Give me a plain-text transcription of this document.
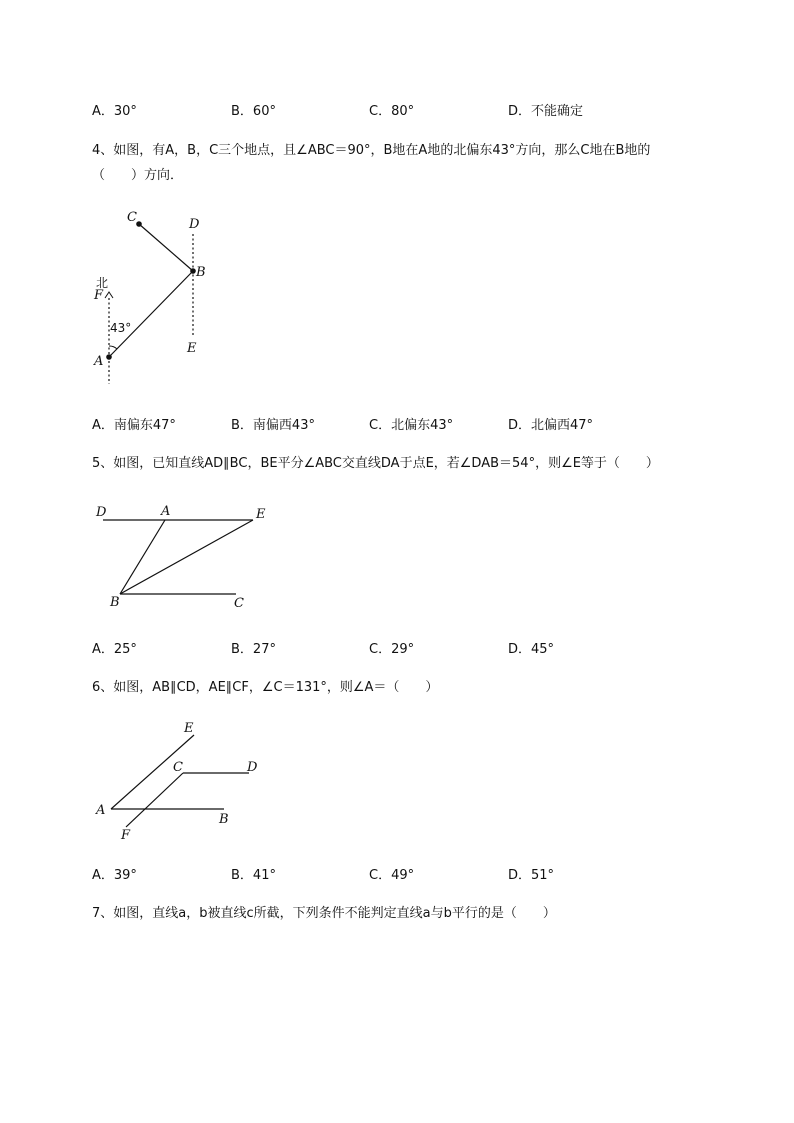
A．30°	B．60°	C．80°	D．不能确定
4、如图，有A，B，C三个地点，且∠ABC＝90°，B地在A地的北偏东43°方向，那么C地在B地的
（　　）方向．
C	D
B
北
F
43°
A
E
A．南偏东47°	B．南偏西43°	C．北偏东43°	D．北偏西47°
5、如图，已知直线AD∥BC，BE平分∠ABC交直线DA于点E，若∠DAB＝54°，则∠E等于（　　）
D	A	E
B	C
A．25°	B．27°	C．29°	D．45°
6、如图，AB∥CD，AE∥CF，∠C＝131°，则∠A＝（　　）
E
C	D
A
B
F
A．39°	B．41°	C．49°	D．51°
7、如图，直线a，b被直线c所截，下列条件不能判定直线a与b平行的是（　　）
